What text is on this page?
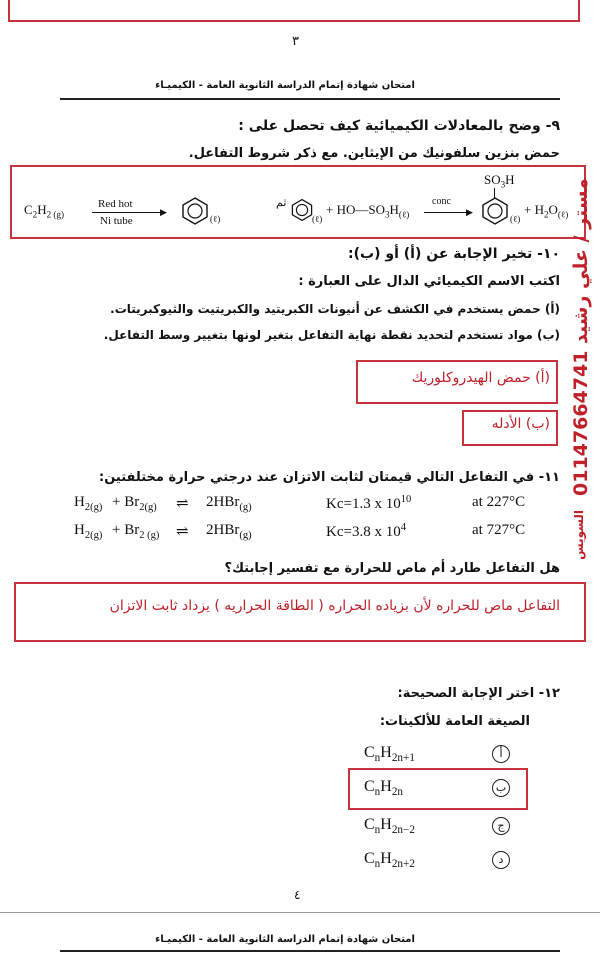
٣
امتحان شهادة إتمام الدراسة الثانوية العامة - الكيميـاء
٩- وضح بالمعادلات الكيميائية كيف تحصل على :
حمض بنزين سلفونيك من الإيثاين. مع ذكر شروط التفاعل.
$C_2H_{2 (g)}$
Red hot
▶
Ni tube	(ℓ)
ثم
(ℓ)
+ $HO—SO_3H_{(\ell)}$
conc
▶
$SO_3H$
(ℓ)
+ $H_2O_{(\ell)}$
١٠- تخير الإجابة عن (أ) أو (ب):
اكتب الاسم الكيميائي الدال على العبارة :
(أ) حمض يستخدم في الكشف عن أنيونات الكبريتيد والكبريتيت والثيوكبريتات.
(ب) مواد تستخدم لتحديد نقطة نهاية التفاعل بتغير لونها بتغيير وسط التفاعل.
(أ) حمض الهيدروكلوريك
(ب) الأدله
١١- في التفاعل التالي قيمتان لثابت الاتزان عند درجتي حرارة مختلفتين:
$H_{2(g)} + Br_{2(g)}$ ⇌ 2HBr$_{(g)}$	Kc=1.3 x $10^{10}$	at 227°C
$H_{2(g)} + Br_{2 (g)}$ ⇌ 2HBr$_{(g)}$	Kc=3.8 x $10^4$	at 727°C
هل التفاعل طارد أم ماص للحرارة مع تفسير إجابتك؟
التفاعل ماص للحراره لأن بزياده الحراره ( الطاقة الحراريه ) يزداد ثابت الاتزان
١٢- اختر الإجابة الصحيحة:
الصيغة العامة للألكينات:
$C_nH_{2n+1}$	أ
$C_nH_{2n}$	ب
$C_nH_{2n-2}$	ج
$C_nH_{2n+2}$	د
٤
امتحان شهادة إتمام الدراسة الثانوية العامة - الكيميـاء
مستر / علي رشيد 01147664741
السويس
